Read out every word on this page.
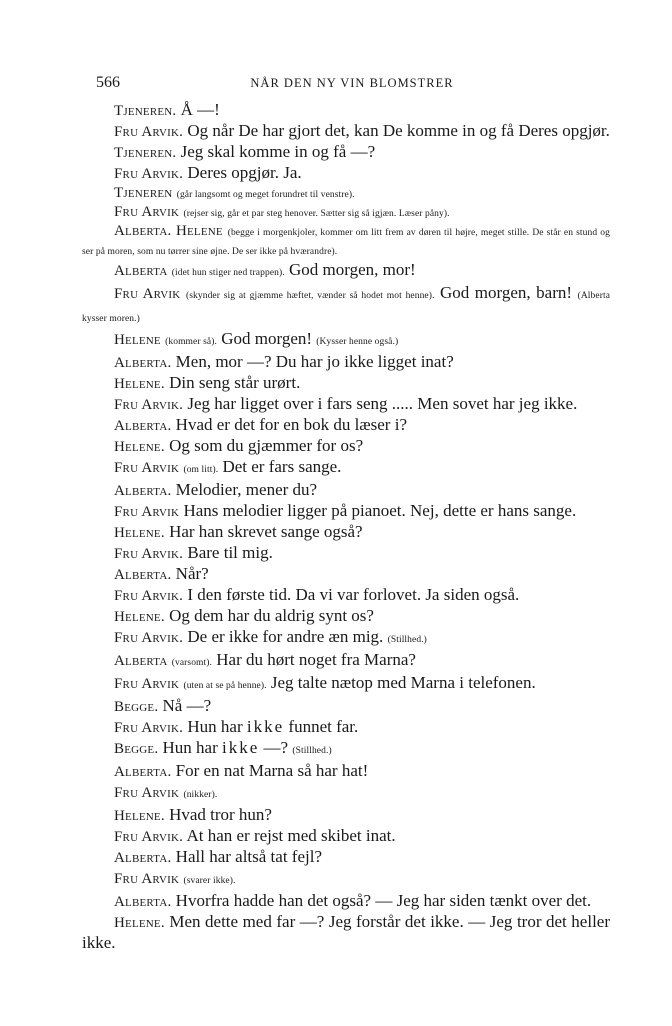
566	NÅR DEN NY VIN BLOMSTRER

Tjeneren. Å —!

Fru Arvik. Og når De har gjort det, kan De komme in og få Deres opgjør.

Tjeneren. Jeg skal komme in og få —?

Fru Arvik. Deres opgjør. Ja.

Tjeneren (går langsomt og meget forundret til venstre).

Fru Arvik (rejser sig, går et par steg henover. Sætter sig så igjæn. Læser påny).

Alberta. Helene (begge i morgenkjoler, kommer om litt frem av døren til højre, meget stille. De står en stund og ser på moren, som nu tørrer sine øjne. De ser ikke på hværandre).

Alberta (idet hun stiger ned trappen). God morgen, mor!

Fru Arvik (skynder sig at gjæmme hæftet, vænder så hodet mot henne). God morgen, barn! (Alberta kysser moren.)

Helene (kommer så). God morgen! (Kysser henne også.)

Alberta. Men, mor —? Du har jo ikke ligget inat?

Helene. Din seng står urørt.

Fru Arvik. Jeg har ligget over i fars seng ..... Men sovet har jeg ikke.

Alberta. Hvad er det for en bok du læser i?

Helene. Og som du gjæmmer for os?

Fru Arvik (om litt). Det er fars sange.

Alberta. Melodier, mener du?

Fru Arvik Hans melodier ligger på pianoet. Nej, dette er hans sange.

Helene. Har han skrevet sange også?

Fru Arvik. Bare til mig.

Alberta. Når?

Fru Arvik. I den første tid. Da vi var forlovet. Ja siden også.

Helene. Og dem har du aldrig synt os?

Fru Arvik. De er ikke for andre æn mig. (Stillhed.)

Alberta (varsomt). Har du hørt noget fra Marna?

Fru Arvik (uten at se på henne). Jeg talte nætop med Marna i telefonen.

Begge. Nå —?

Fru Arvik. Hun har ikke funnet far.

Begge. Hun har ikke —? (Stillhed.)

Alberta. For en nat Marna så har hat!

Fru Arvik (nikker).

Helene. Hvad tror hun?

Fru Arvik. At han er rejst med skibet inat.

Alberta. Hall har altså tat fejl?

Fru Arvik (svarer ikke).

Alberta. Hvorfra hadde han det også? — Jeg har siden tænkt over det.

Helene. Men dette med far —? Jeg forstår det ikke. — Jeg tror det heller ikke.
